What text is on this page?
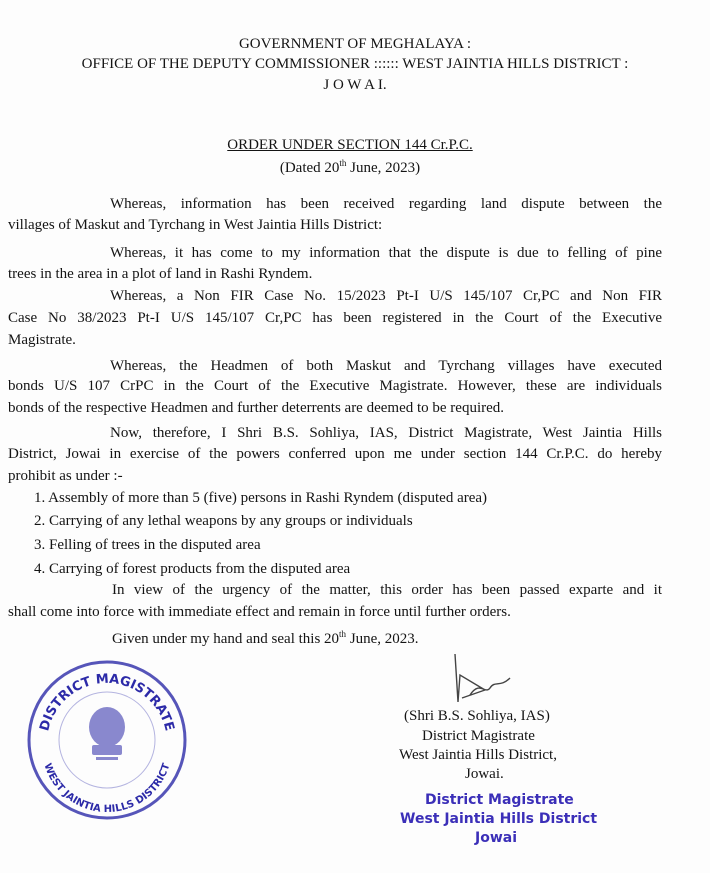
GOVERNMENT OF MEGHALAYA :
OFFICE OF THE DEPUTY COMMISSIONER :::::: WEST JAINTIA HILLS DISTRICT :
J O W A I.
ORDER UNDER SECTION 144 Cr.P.C.
(Dated 20th June, 2023)
Whereas, information has been received regarding land dispute between the
villages of Maskut and Tyrchang in West Jaintia Hills District:
Whereas, it has come to my information that the dispute is due to felling of pine
trees in the area in a plot of land in Rashi Ryndem.
Whereas, a Non FIR Case No. 15/2023 Pt-I U/S 145/107 Cr,PC and Non FIR
Case No 38/2023 Pt-I U/S 145/107 Cr,PC has been registered in the Court of the Executive
Magistrate.
Whereas, the Headmen of both Maskut and Tyrchang villages have executed
bonds U/S 107 CrPC in the Court of the Executive Magistrate. However, these are individuals
bonds of the respective Headmen and further deterrents are deemed to be required.
Now, therefore, I Shri B.S. Sohliya, IAS, District Magistrate, West Jaintia Hills
District, Jowai in exercise of the powers conferred upon me under section 144 Cr.P.C. do hereby
prohibit as under :-
1. Assembly of more than 5 (five) persons in Rashi Ryndem (disputed area)
2. Carrying of any lethal weapons by any groups or individuals
3. Felling of trees in the disputed area
4. Carrying of forest products from the disputed area
In view of the urgency of the matter, this order has been passed exparte and it
shall come into force with immediate effect and remain in force until further orders.
Given under my hand and seal this 20th June, 2023.
DISTRICT MAGISTRATE
WEST JAINTIA HILLS DISTRICT
(Shri B.S. Sohliya, IAS)
District Magistrate
West Jaintia Hills District,
Jowai.
District Magistrate
West Jaintia Hills District
Jowai
